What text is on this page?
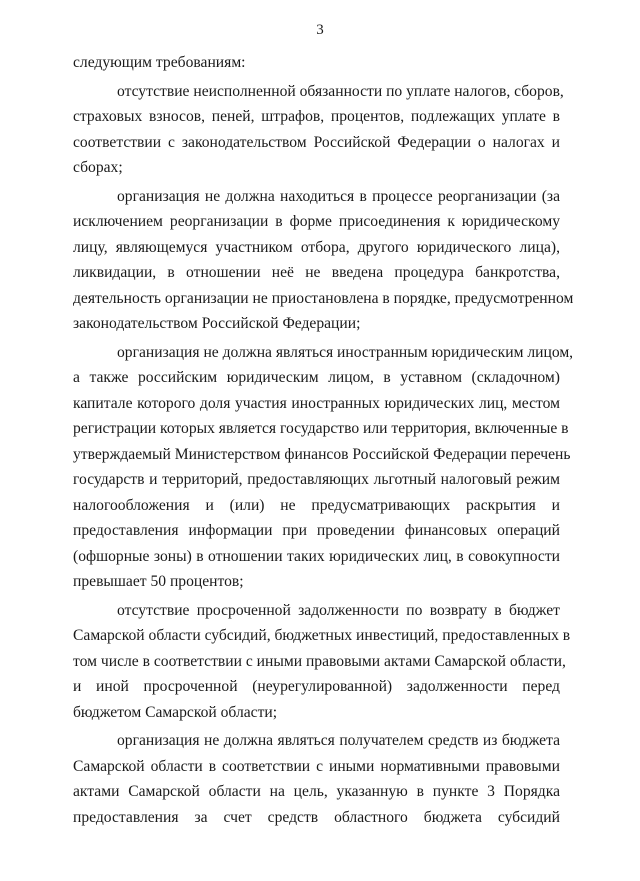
3
следующим требованиям:
отсутствие неисполненной обязанности по уплате налогов, сборов,
страховых взносов, пеней, штрафов, процентов, подлежащих уплате в
соответствии с законодательством Российской Федерации о налогах и
сборах;
организация не должна находиться в процессе реорганизации (за
исключением реорганизации в форме присоединения к юридическому
лицу, являющемуся участником отбора, другого юридического лица),
ликвидации, в отношении неё не введена процедура банкротства,
деятельность организации не приостановлена в порядке, предусмотренном
законодательством Российской Федерации;
организация не должна являться иностранным юридическим лицом,
а также российским юридическим лицом, в уставном (складочном)
капитале которого доля участия иностранных юридических лиц, местом
регистрации которых является государство или территория, включенные в
утверждаемый Министерством финансов Российской Федерации перечень
государств и территорий, предоставляющих льготный налоговый режим
налогообложения и (или) не предусматривающих раскрытия и
предоставления информации при проведении финансовых операций
(офшорные зоны) в отношении таких юридических лиц, в совокупности
превышает 50 процентов;
отсутствие просроченной задолженности по возврату в бюджет
Самарской области субсидий, бюджетных инвестиций, предоставленных в
том числе в соответствии с иными правовыми актами Самарской области,
и иной просроченной (неурегулированной) задолженности перед
бюджетом Самарской области;
организация не должна являться получателем средств из бюджета
Самарской области в соответствии с иными нормативными правовыми
актами Самарской области на цель, указанную в пункте 3 Порядка
предоставления за счет средств областного бюджета субсидий
